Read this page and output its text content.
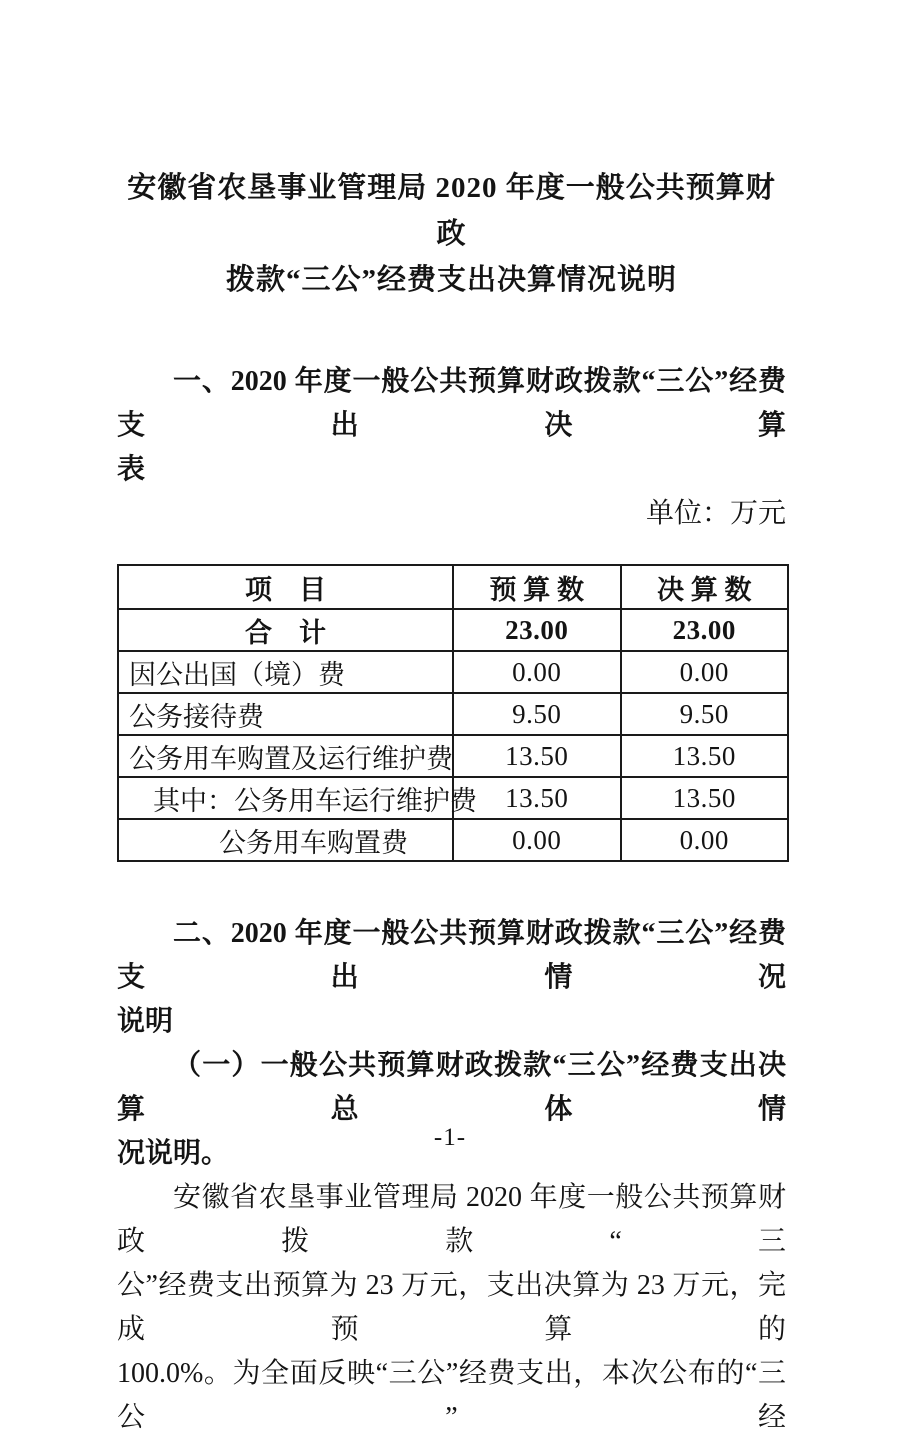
安徽省农垦事业管理局 2020 年度一般公共预算财政
拨款“三公”经费支出决算情况说明
一、2020 年度一般公共预算财政拨款“三公”经费支出决算
表
单位：万元
项　目	预 算 数	决 算 数
合　计	23.00	23.00
因公出国（境）费	0.00	0.00
公务接待费	9.50	9.50
公务用车购置及运行维护费	13.50	13.50
其中：公务用车运行维护费	13.50	13.50
公务用车购置费	0.00	0.00
二、2020 年度一般公共预算财政拨款“三公”经费支出情况
说明
（一）一般公共预算财政拨款“三公”经费支出决算总体情
况说明。
安徽省农垦事业管理局 2020 年度一般公共预算财政拨款“三
公”经费支出预算为 23 万元，支出决算为 23 万元，完成预算的
100.0%。为全面反映“三公”经费支出，本次公布的“三公”经
-1-
